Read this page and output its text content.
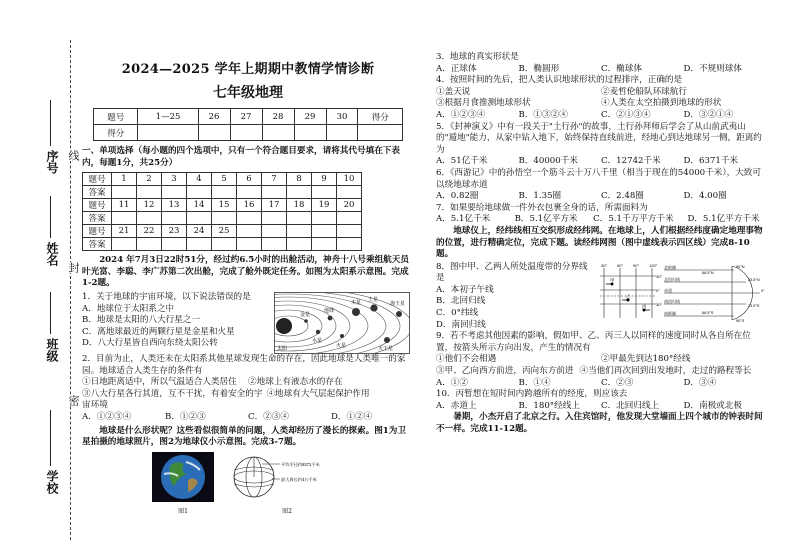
线
封
密
学校
班级
姓名
序号
2024—2025 学年上期期中教情学情诊断
七年级地理
题号	1—25	26	27	28	29	30	得分
得分							

一、单项选择（每小题的四个选项中，只有一个符合题目要求，请将其代号填在下表内，每题1分，共25分）

题号	1	2	3	4	5	6	7	8	9	10
答案										
题号	11	12	13	14	15	16	17	18	19	20
答案										
题号	21	22	23	24	25					
答案										

2024 年7月3日22时51分，经过约6.5小时的出舱活动，神舟十八号乘组航天员叶光富、李聪、李广苏第二次出舱，完成了舱外既定任务。如图为太阳系示意图。完成1-2题。

1．关于地球的宇宙环境，以下说法错误的是

A．地球位于太阳系之中

B．地球是太阳的八大行星之一

C．离地球最近的两颗行星是金星和火星

D．八大行星皆自西向东绕太阳公转

太阳
金星
水星
地球
火星
木星 土星
天王星
海王星

2．目前为止，人类还未在太阳系其他星球发现生命的存在，因此地球是人类唯一的家园。地球适合人类生存的条件有

①日地距离适中，所以气温适合人类居住	②地球上有液态水的存在
③八大行星各行其道，互不干扰，有着安全的宇宙环境
④地球有大气层起保护作用
A．①②③④	B．①②③	C．②③④	D．①②④

地球是什么形状呢？这些看似很简单的问题，人类却经历了漫长的探索。图1为卫星拍摄的地球照片，图2为地球仪小示意图。完成3-7题。

图1
平均半径约6371千米
最大周长约4万千米
图2

3．地球的真实形状是

A．正球体	B．椭圆形	C．椭球体	D．不规则球体

4．按照时间的先后，把人类认识地球形状的过程排序，正确的是

①盖天说	②麦哲伦船队环球航行
③根据月食推测地球形状	④人类在太空拍摄到地球的形状
A．①②③④	B．①③②④	C．②①③④	D．③②①④

5．《封神演义》中有一段关于"土行孙"的故事，土行孙拜师后学会了从山前武夷山的"遁地"能力，从家中钻入地下，始终保持直线前进，经地心到达地球另一侧，距离约为

A．51亿千米	B．40000千米	C．12742千米	D．6371千米

6．《西游记》中的孙悟空一个筋斗云十万八千里（相当于现在的54000千米），大致可以绕地球赤道

A．0.82圈	B．1.35圈	C．2.48圈	D．4.00圈

7．如果要给地球做一件外衣包裹全身的话，所需面料为

A．5.1亿千米	B．5.1亿平方米	C．5.1千万平方千米	D．5.1亿平方千米

地球仪上，经纬线相互交织形成经纬网。在地球上，人们根据经纬度确定地理事物的位置，进行精确定位，完成下题。读经纬网图（图中虚线表示四区线）完成8-10题。

8．图中甲、乙两人所处温度带的分界线是

A．本初子午线

B．北回归线

C．0°纬线

D．南回归线

30° 60° 90° 120°
30°
0°
30°
甲
乙
丙
北极圈
北回归线
赤道
南回归线
南极圈
90°N
23.5°N
0°
23.5°S
90°S
66.5°N
66.5°S

9．若不考虑其他因素的影响，假如甲、乙、丙三人以同样的速度同时从各自所在位置，按箭头所示方向出发，产生的情况有

①他们不会相遇	②甲最先到达180°经线
③甲、乙向西方前进，丙向东方前进 ④当他们再次回到出发地时，走过的路程等长
A．①②	B．①④	C．②③	D．③④

10．丙暂想在短时间内跨越所有的经度，则应该去

A．赤道上	B．180°经线上	C．北回归线上	D．南极或北极

暑期，小杰开启了北京之行。入住宾馆时，他发现大堂墙面上四个城市的钟表时间不一样。完成11-12题。
